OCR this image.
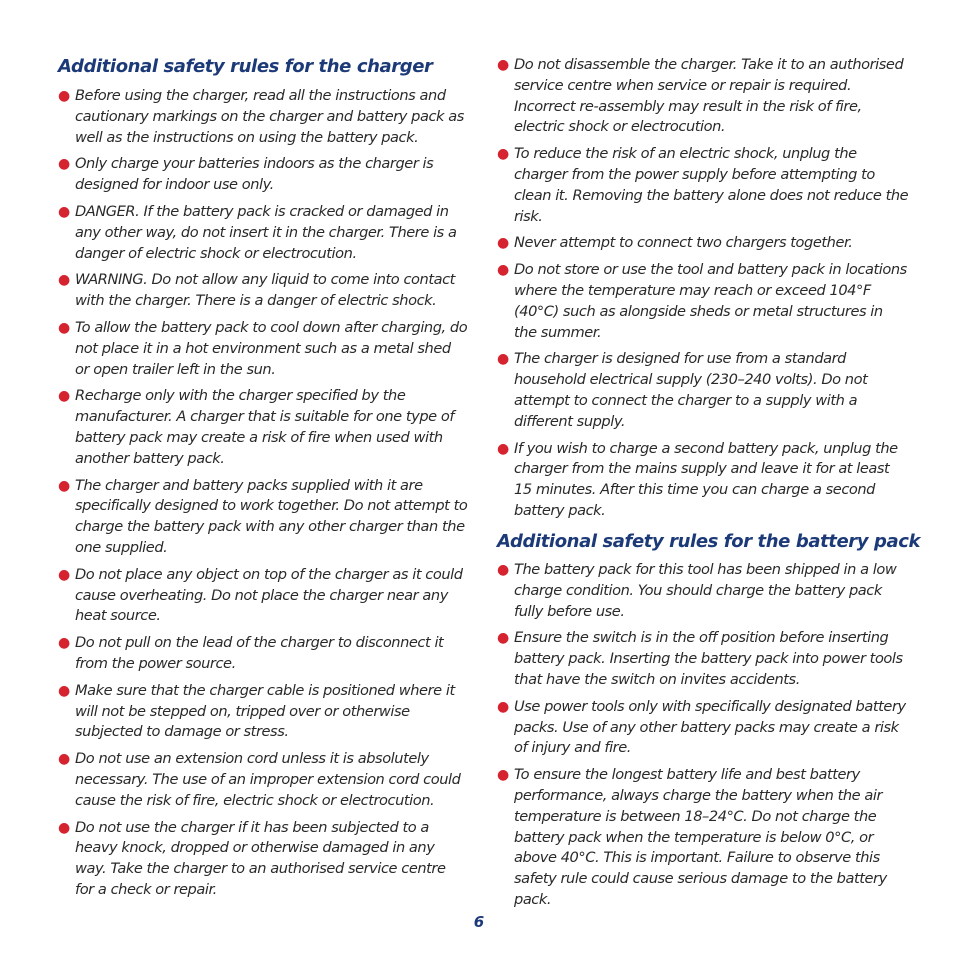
Additional safety rules for the charger
● Before using the charger, read all the instructions and cautionary markings on the charger and battery pack as well as the instructions on using the battery pack.
● Only charge your batteries indoors as the charger is designed for indoor use only.
● DANGER. If the battery pack is cracked or damaged in any other way, do not insert it in the charger. There is a danger of electric shock or electrocution.
● WARNING. Do not allow any liquid to come into contact with the charger. There is a danger of electric shock.
● To allow the battery pack to cool down after charging, do not place it in a hot environment such as a metal shed or open trailer left in the sun.
● Recharge only with the charger specified by the manufacturer. A charger that is suitable for one type of battery pack may create a risk of fire when used with another battery pack.
● The charger and battery packs supplied with it are specifically designed to work together. Do not attempt to charge the battery pack with any other charger than the one supplied.
● Do not place any object on top of the charger as it could cause overheating. Do not place the charger near any heat source.
● Do not pull on the lead of the charger to disconnect it from the power source.
● Make sure that the charger cable is positioned where it will not be stepped on, tripped over or otherwise subjected to damage or stress.
● Do not use an extension cord unless it is absolutely necessary. The use of an improper extension cord could cause the risk of fire, electric shock or electrocution.
● Do not use the charger if it has been subjected to a heavy knock, dropped or otherwise damaged in any way. Take the charger to an authorised service centre for a check or repair.
● Do not disassemble the charger. Take it to an authorised service centre when service or repair is required. Incorrect re-assembly may result in the risk of fire, electric shock or electrocution.
● To reduce the risk of an electric shock, unplug the charger from the power supply before attempting to clean it. Removing the battery alone does not reduce the risk.
● Never attempt to connect two chargers together.
● Do not store or use the tool and battery pack in locations where the temperature may reach or exceed 104°F (40°C) such as alongside sheds or metal structures in the summer.
● The charger is designed for use from a standard household electrical supply (230–240 volts). Do not attempt to connect the charger to a supply with a different supply.
● If you wish to charge a second battery pack, unplug the charger from the mains supply and leave it for at least 15 minutes. After this time you can charge a second battery pack.
Additional safety rules for the battery pack
● The battery pack for this tool has been shipped in a low charge condition. You should charge the battery pack fully before use.
● Ensure the switch is in the off position before inserting battery pack. Inserting the battery pack into power tools that have the switch on invites accidents.
● Use power tools only with specifically designated battery packs. Use of any other battery packs may create a risk of injury and fire.
● To ensure the longest battery life and best battery performance, always charge the battery when the air temperature is between 18–24°C. Do not charge the battery pack when the temperature is below 0°C, or above 40°C. This is important. Failure to observe this safety rule could cause serious damage to the battery pack.
6
